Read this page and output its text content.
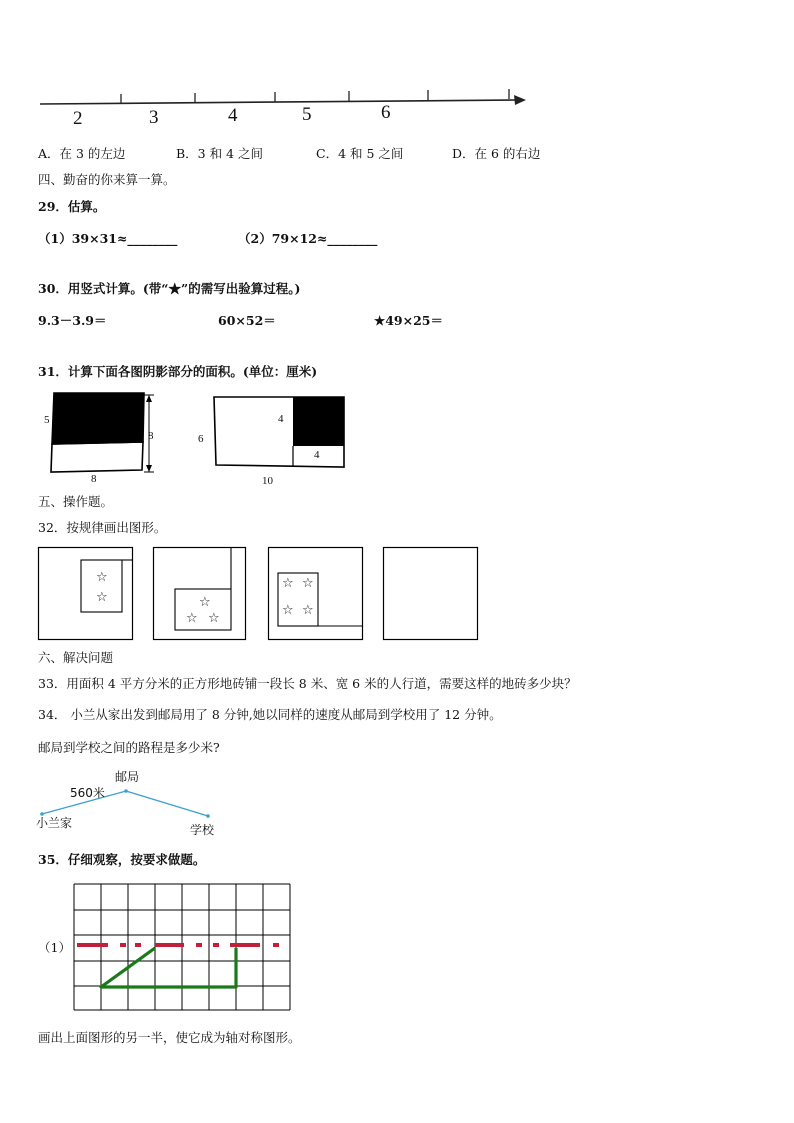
2	3	4	5	6
A．在 3 的左边	B．3 和 4 之间	C．4 和 5 之间	D．在 6 的右边
四、勤奋的你来算一算。
29．估算。
（1）39×31≈________	（2）79×12≈________
30．用竖式计算。(带“★”的需写出验算过程。)
9.3－3.9＝	60×52＝	★49×25＝
31．计算下面各图阴影部分的面积。(单位：厘米)
5
8
8
6
4
4
10
五、操作题。
32．按规律画出图形。
☆
☆	☆
☆ ☆
☆ ☆
☆ ☆
六、解决问题
33．用面积 4 平方分米的正方形地砖铺一段长 8 米、宽 6 米的人行道，需要这样的地砖多少块？
34． 小兰从家出发到邮局用了 8 分钟,她以同样的速度从邮局到学校用了 12 分钟。
邮局到学校之间的路程是多少米?
邮局
560米
小兰家	学校
35．仔细观察，按要求做题。
（1）
画出上面图形的另一半，使它成为轴对称图形。
